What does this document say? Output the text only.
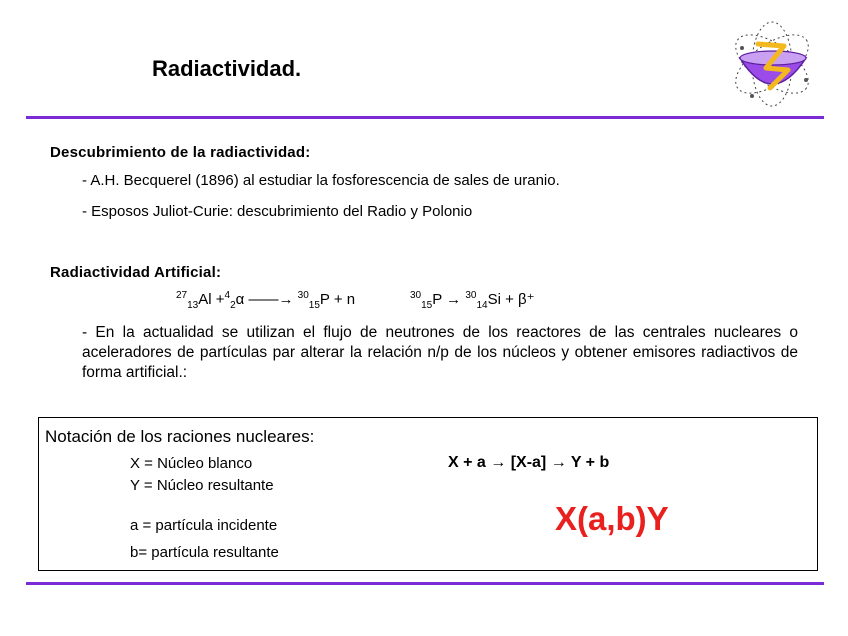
Radiactividad.
Descubrimiento de la radiactividad:
- A.H. Becquerel (1896) al estudiar la fosforescencia de sales de uranio.
- Esposos Juliot-Curie: descubrimiento del Radio y Polonio
Radiactividad Artificial:
$^{27}_{13}$Al +$^4_2$α ——→ $^{30}_{15}$P + n	$^{30}_{15}$P → $^{30}_{14}$Si + β⁺
- En la actualidad se utilizan el flujo de neutrones de los reactores de las centrales nucleares o aceleradores de partículas par alterar la relación n/p de los núcleos y obtener emisores radiactivos de forma artificial.:
Notación de los raciones nucleares:
X = Núcleo blanco
Y = Núcleo resultante
a = partícula incidente
b= partícula resultante
X + a → [X-a] → Y + b
X(a,b)Y
